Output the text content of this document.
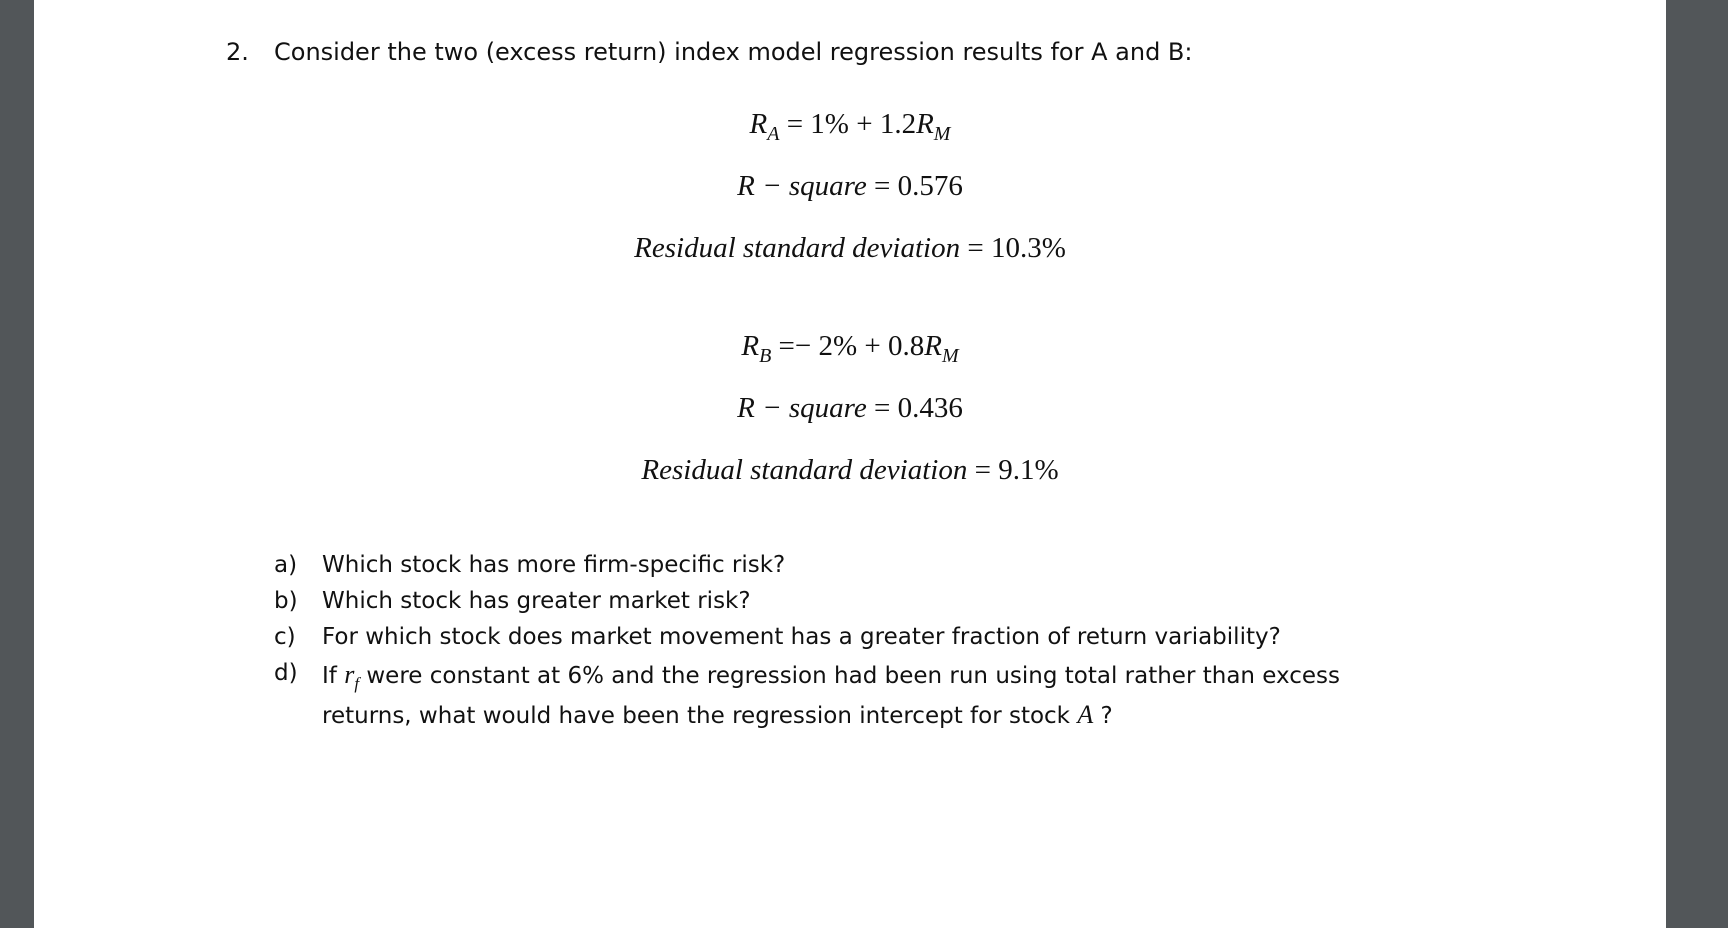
2. Consider the two (excess return) index model regression results for A and B:
$R_A = 1\% + 1.2R_M$
R − square = 0.576
Residual standard deviation = 10.3%
$R_B =- 2\% + 0.8R_M$
R − square = 0.436
Residual standard deviation = 9.1%
a) Which stock has more firm-specific risk?
b) Which stock has greater market risk?
c) For which stock does market movement has a greater fraction of return variability?
d) If $r_f$ were constant at 6% and the regression had been run using total rather than excess
returns, what would have been the regression intercept for stock A ?
